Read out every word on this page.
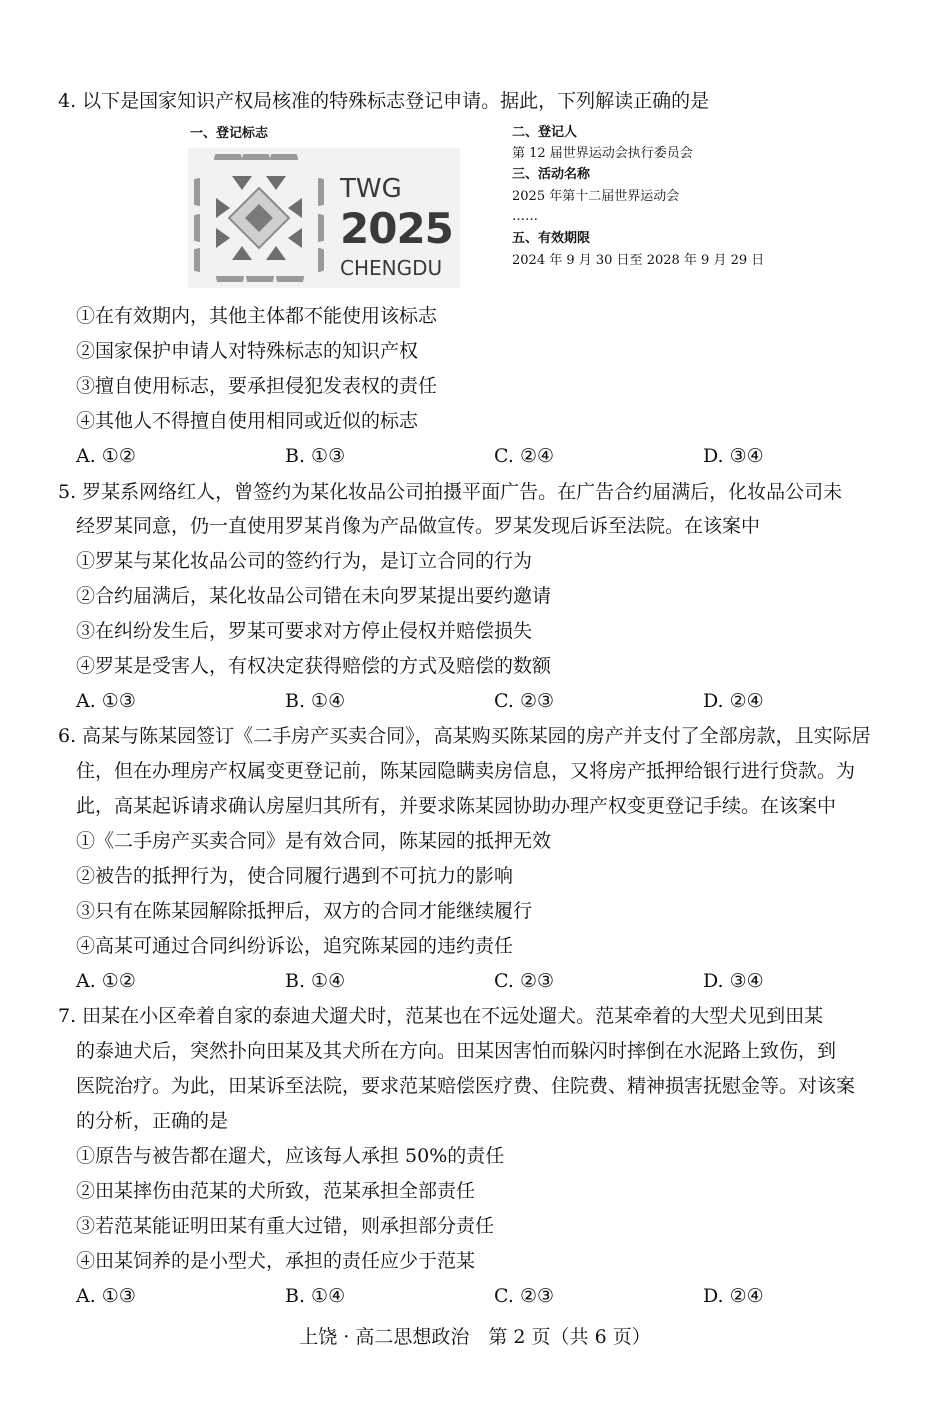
4. 以下是国家知识产权局核准的特殊标志登记申请。据此，下列解读正确的是
一、登记标志
TWG
2025
CHENGDU
二、登记人
第 12 届世界运动会执行委员会
三、活动名称
2025 年第十二届世界运动会
……
五、有效期限
2024 年 9 月 30 日至 2028 年 9 月 29 日
①在有效期内，其他主体都不能使用该标志
②国家保护申请人对特殊标志的知识产权
③擅自使用标志，要承担侵犯发表权的责任
④其他人不得擅自使用相同或近似的标志
A. ①②	B. ①③	C. ②④	D. ③④
5. 罗某系网络红人，曾签约为某化妆品公司拍摄平面广告。在广告合约届满后，化妆品公司未
经罗某同意，仍一直使用罗某肖像为产品做宣传。罗某发现后诉至法院。在该案中
①罗某与某化妆品公司的签约行为，是订立合同的行为
②合约届满后，某化妆品公司错在未向罗某提出要约邀请
③在纠纷发生后，罗某可要求对方停止侵权并赔偿损失
④罗某是受害人，有权决定获得赔偿的方式及赔偿的数额
A. ①③	B. ①④	C. ②③	D. ②④
6. 高某与陈某园签订《二手房产买卖合同》，高某购买陈某园的房产并支付了全部房款，且实际居
住，但在办理房产权属变更登记前，陈某园隐瞒卖房信息，又将房产抵押给银行进行贷款。为
此，高某起诉请求确认房屋归其所有，并要求陈某园协助办理产权变更登记手续。在该案中
①《二手房产买卖合同》是有效合同，陈某园的抵押无效
②被告的抵押行为，使合同履行遇到不可抗力的影响
③只有在陈某园解除抵押后，双方的合同才能继续履行
④高某可通过合同纠纷诉讼，追究陈某园的违约责任
A. ①②	B. ①④	C. ②③	D. ③④
7. 田某在小区牵着自家的泰迪犬遛犬时，范某也在不远处遛犬。范某牵着的大型犬见到田某
的泰迪犬后，突然扑向田某及其犬所在方向。田某因害怕而躲闪时摔倒在水泥路上致伤，到
医院治疗。为此，田某诉至法院，要求范某赔偿医疗费、住院费、精神损害抚慰金等。对该案
的分析，正确的是
①原告与被告都在遛犬，应该每人承担 50%的责任
②田某摔伤由范某的犬所致，范某承担全部责任
③若范某能证明田某有重大过错，则承担部分责任
④田某饲养的是小型犬，承担的责任应少于范某
A. ①③	B. ①④	C. ②③	D. ②④
上饶 · 高二思想政治　第 2 页（共 6 页）
